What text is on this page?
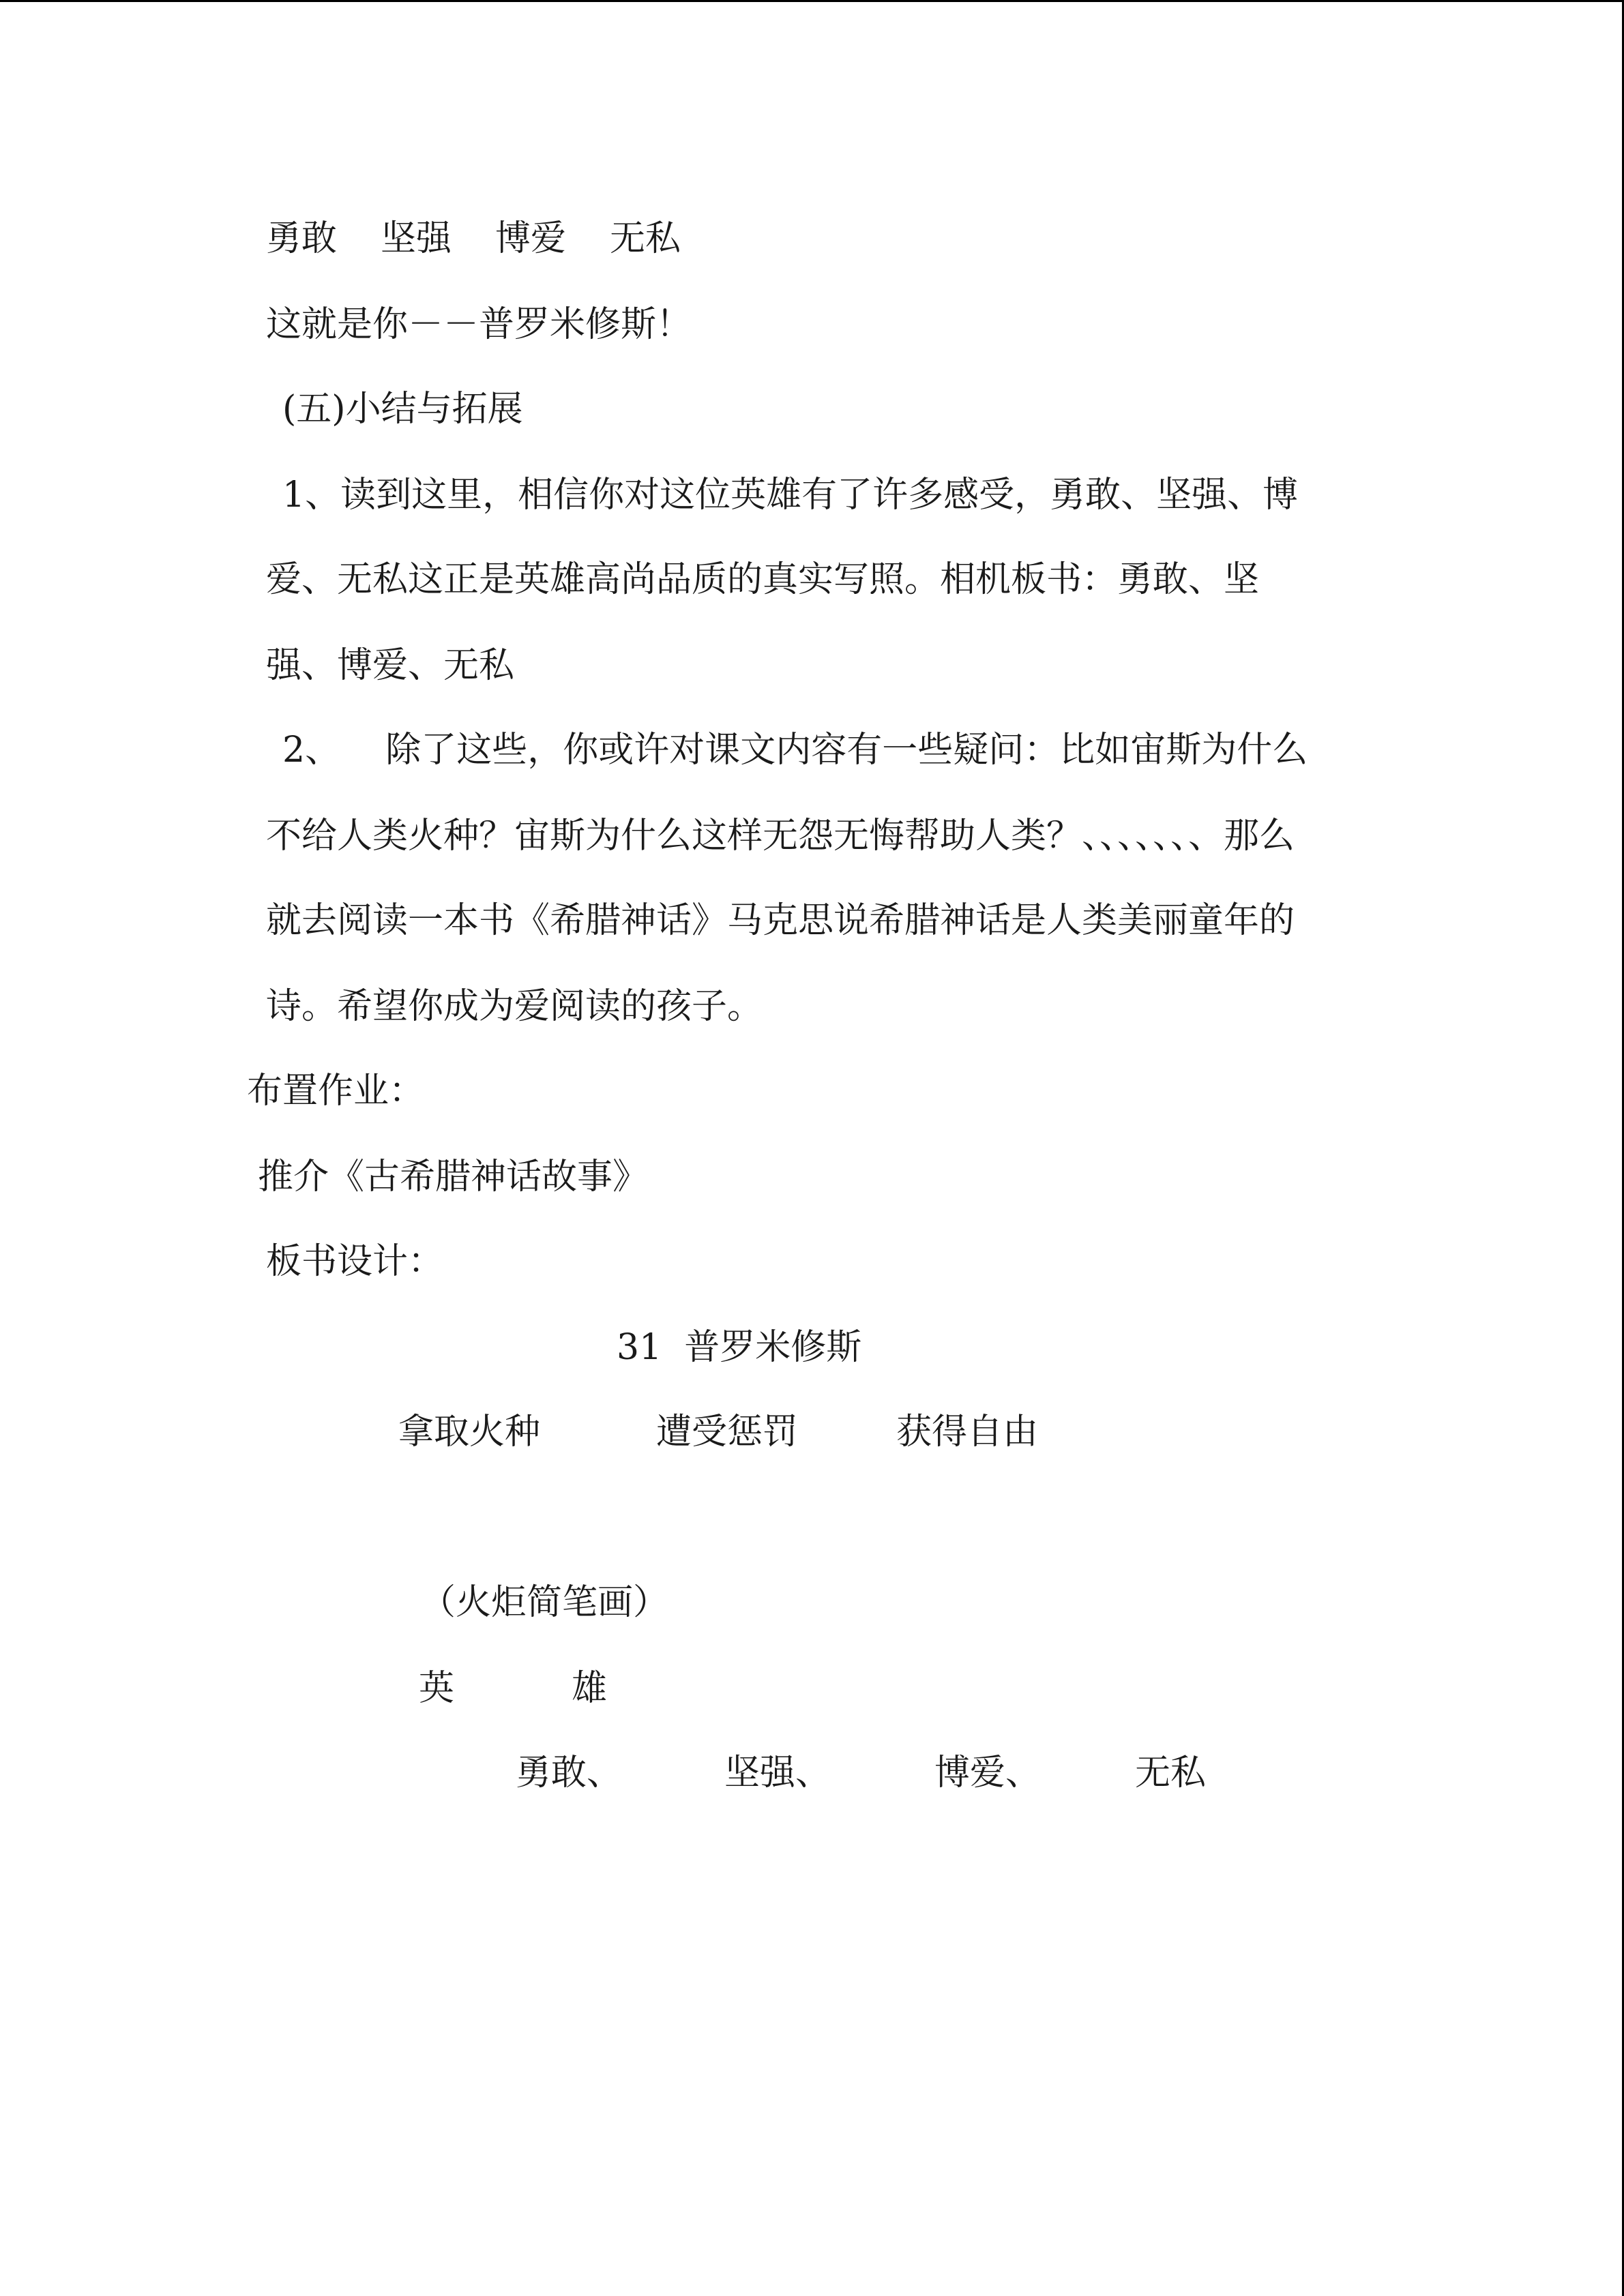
勇敢 坚强 博爱 无私
这就是你－－普罗米修斯！
(五)小结与拓展
1、读到这里，相信你对这位英雄有了许多感受，勇敢、坚强、博
爱、无私这正是英雄高尚品质的真实写照。相机板书：勇敢、坚
强、博爱、无私
2、    除了这些，你或许对课文内容有一些疑问：比如宙斯为什么
不给人类火种？宙斯为什么这样无怨无悔帮助人类？、、、、、、、那么
就去阅读一本书《希腊神话》马克思说希腊神话是人类美丽童年的
诗。希望你成为爱阅读的孩子。
布置作业：
推介《古希腊神话故事》
板书设计：
31  普罗米修斯
拿取火种	遭受惩罚	获得自由
（火炬简笔画）
英	雄
勇敢、	坚强、	博爱、	无私
